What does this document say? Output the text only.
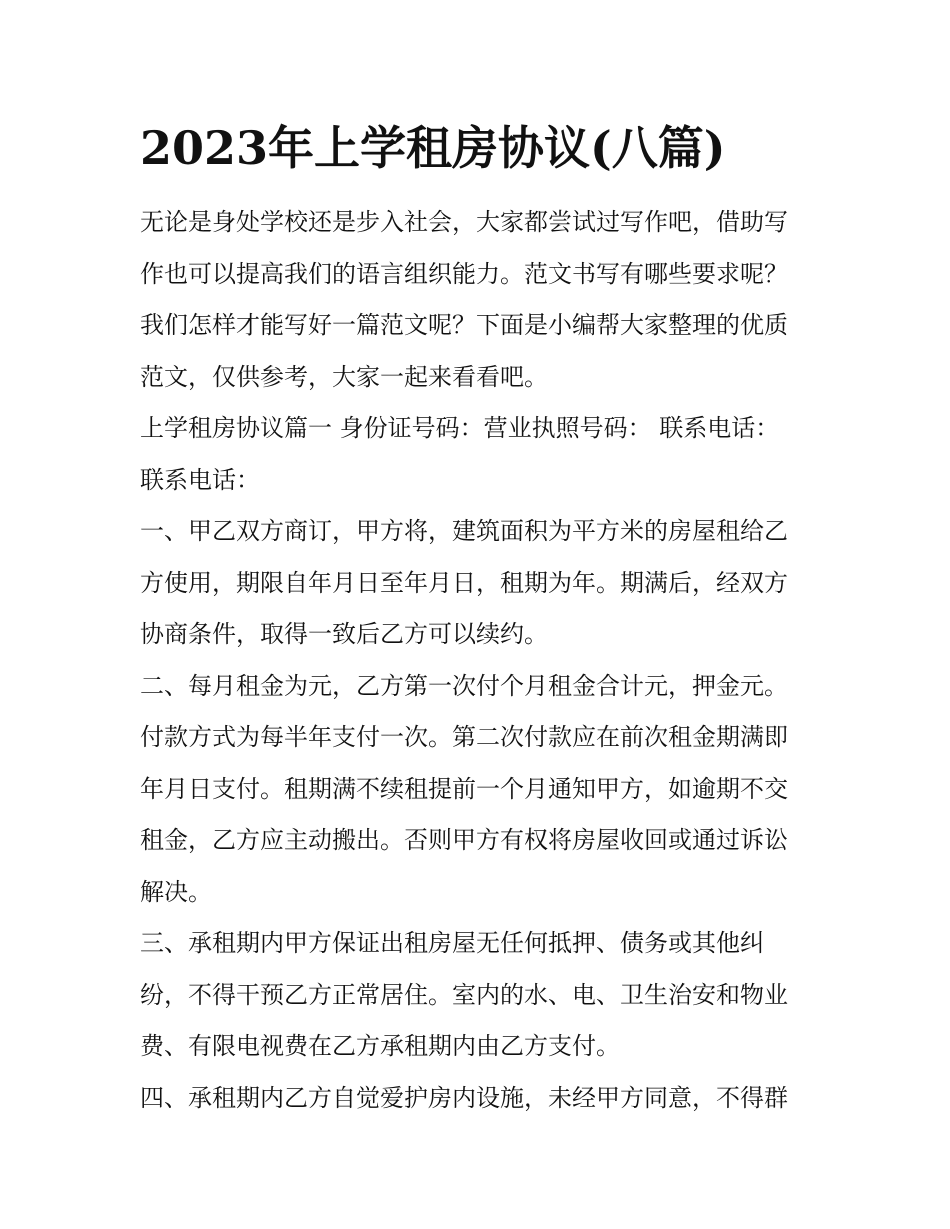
2023年上学租房协议(八篇)
无论是身处学校还是步入社会，大家都尝试过写作吧，借助写
作也可以提高我们的语言组织能力。范文书写有哪些要求呢？
我们怎样才能写好一篇范文呢？下面是小编帮大家整理的优质
范文，仅供参考，大家一起来看看吧。
上学租房协议篇一 身份证号码：营业执照号码： 联系电话：
联系电话：
一、甲乙双方商订，甲方将，建筑面积为平方米的房屋租给乙
方使用，期限自年月日至年月日，租期为年。期满后，经双方
协商条件，取得一致后乙方可以续约。
二、每月租金为元，乙方第一次付个月租金合计元，押金元。
付款方式为每半年支付一次。第二次付款应在前次租金期满即
年月日支付。租期满不续租提前一个月通知甲方，如逾期不交
租金，乙方应主动搬出。否则甲方有权将房屋收回或通过诉讼
解决。
三、承租期内甲方保证出租房屋无任何抵押、债务或其他纠
纷，不得干预乙方正常居住。室内的水、电、卫生治安和物业
费、有限电视费在乙方承租期内由乙方支付。
四、承租期内乙方自觉爱护房内设施，未经甲方同意，不得群
